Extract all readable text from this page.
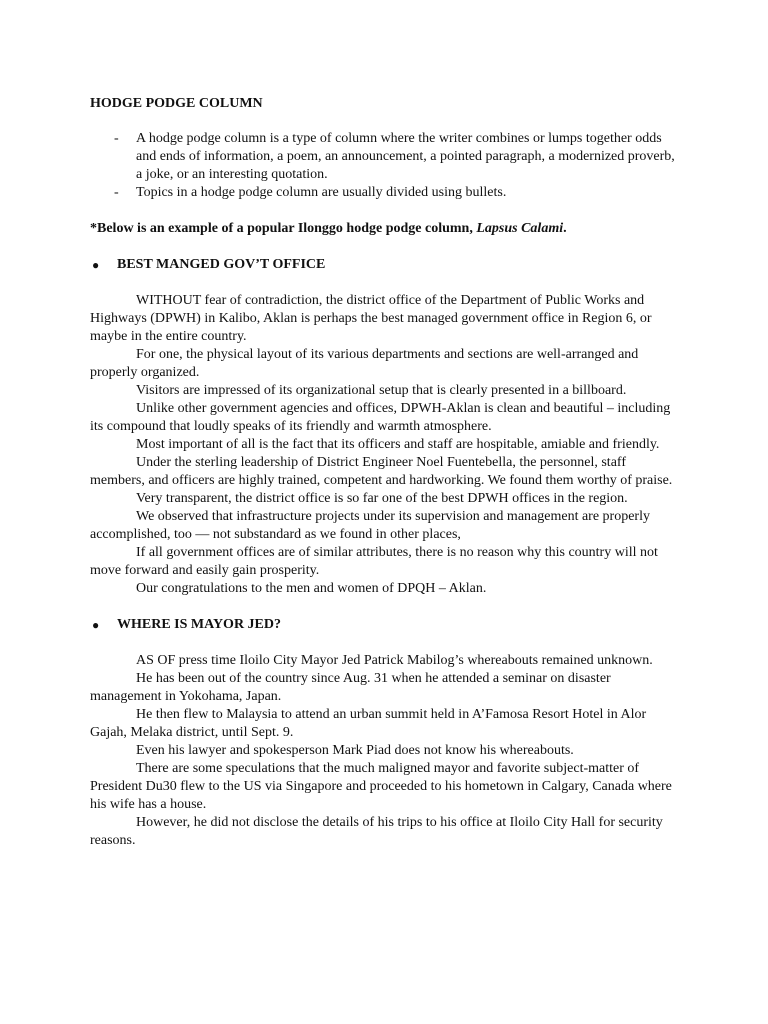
HODGE PODGE COLUMN
- A hodge podge column is a type of column where the writer combines or lumps together odds and ends of information, a poem, an announcement, a pointed paragraph, a modernized proverb, a joke, or an interesting quotation.
- Topics in a hodge podge column are usually divided using bullets.
*Below is an example of a popular Ilonggo hodge podge column, Lapsus Calami.
● BEST MANGED GOV’T OFFICE

WITHOUT fear of contradiction, the district office of the Department of Public Works and Highways (DPWH) in Kalibo, Aklan is perhaps the best managed government office in Region 6, or maybe in the entire country.

For one, the physical layout of its various departments and sections are well-arranged and properly organized.

Visitors are impressed of its organizational setup that is clearly presented in a billboard.

Unlike other government agencies and offices, DPWH-Aklan is clean and beautiful – including its compound that loudly speaks of its friendly and warmth atmosphere.

Most important of all is the fact that its officers and staff are hospitable, amiable and friendly.

Under the sterling leadership of District Engineer Noel Fuentebella, the personnel, staff members, and officers are highly trained, competent and hardworking. We found them worthy of praise.

Very transparent, the district office is so far one of the best DPWH offices in the region.

We observed that infrastructure projects under its supervision and management are properly accomplished, too — not substandard as we found in other places,

If all government offices are of similar attributes, there is no reason why this country will not move forward and easily gain prosperity.

Our congratulations to the men and women of DPQH – Aklan.

● WHERE IS MAYOR JED?

AS OF press time Iloilo City Mayor Jed Patrick Mabilog’s whereabouts remained unknown.

He has been out of the country since Aug. 31 when he attended a seminar on disaster management in Yokohama, Japan.

He then flew to Malaysia to attend an urban summit held in A’Famosa Resort Hotel in Alor Gajah, Melaka district, until Sept. 9.

Even his lawyer and spokesperson Mark Piad does not know his whereabouts.

There are some speculations that the much maligned mayor and favorite subject-matter of President Du30 flew to the US via Singapore and proceeded to his hometown in Calgary, Canada where his wife has a house.

However, he did not disclose the details of his trips to his office at Iloilo City Hall for security reasons.
